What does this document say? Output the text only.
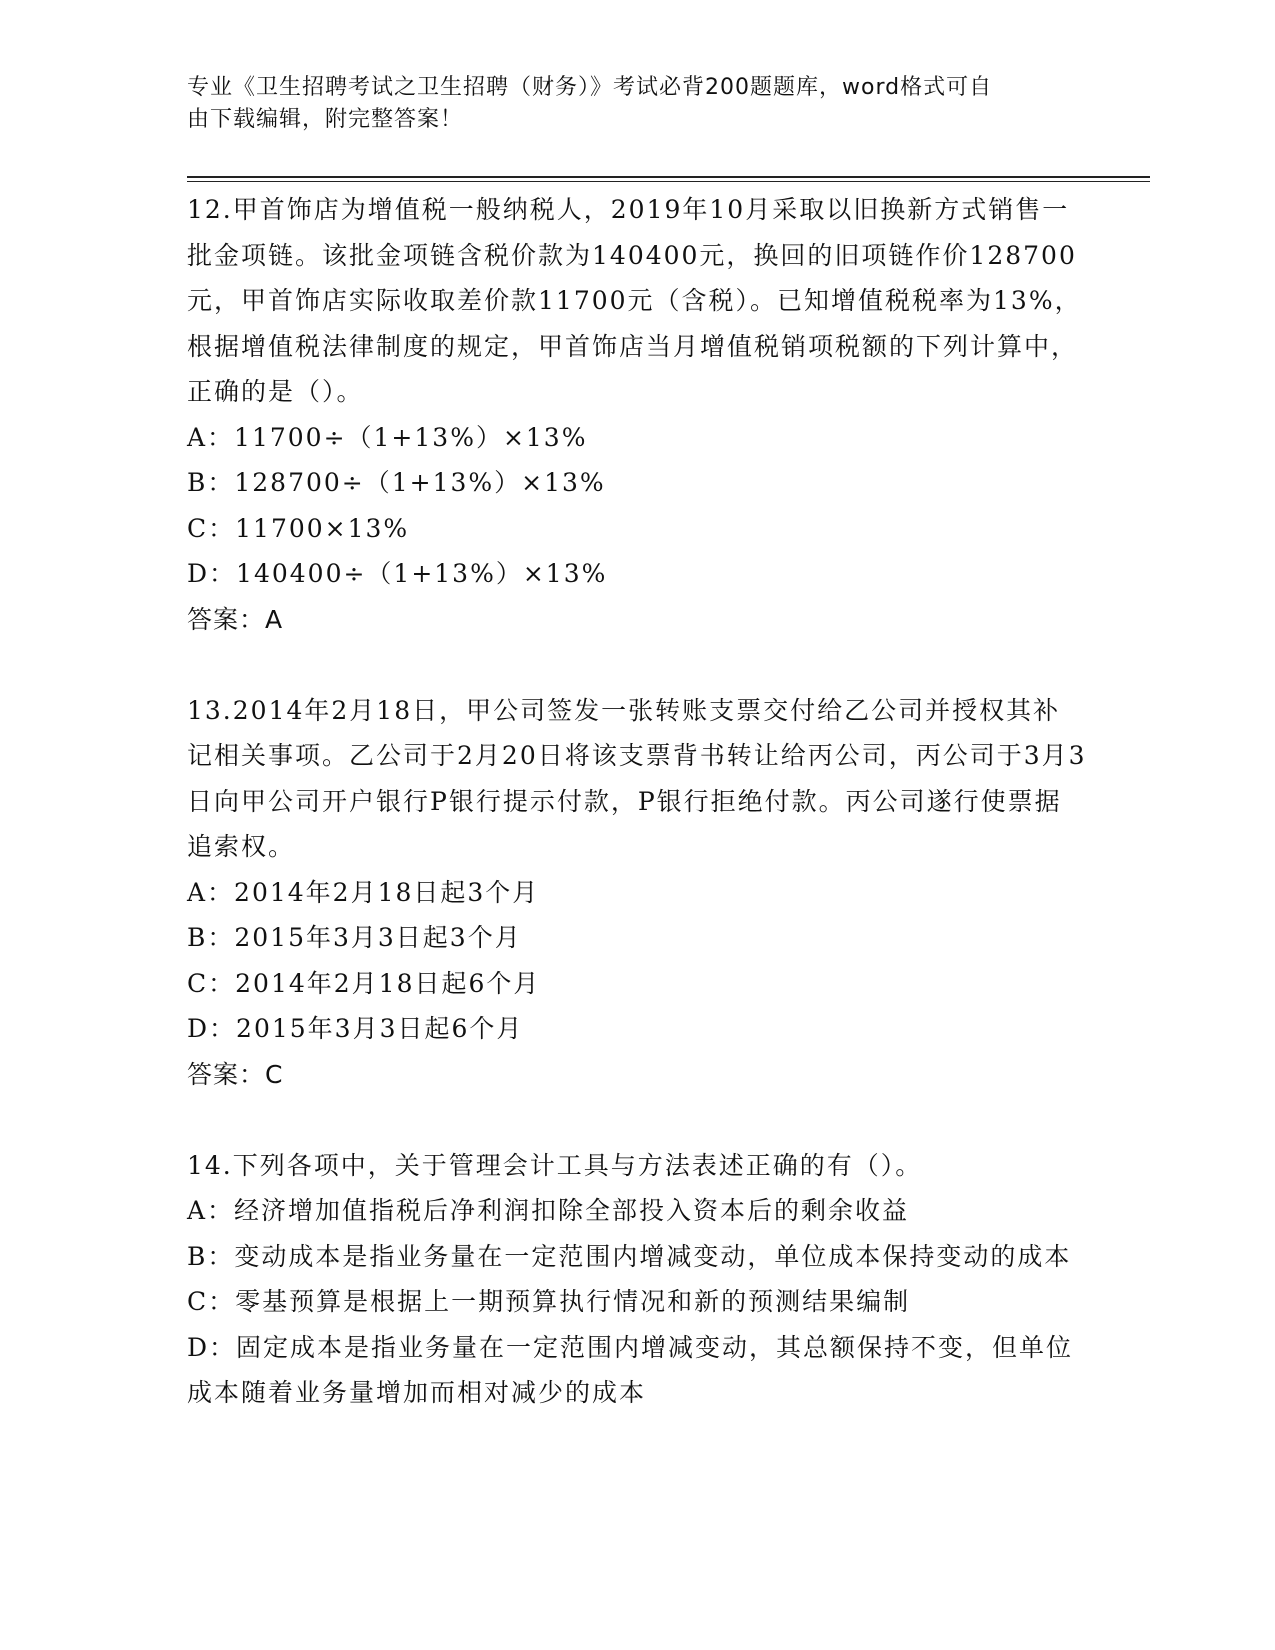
专业《卫生招聘考试之卫生招聘（财务）》考试必背200题题库，word格式可自
由下载编辑，附完整答案！

12.甲首饰店为增值税一般纳税人，2019年10月采取以旧换新方式销售一批金项链。该批金项链含税价款为140400元，换回的旧项链作价128700元，甲首饰店实际收取差价款11700元（含税）。已知增值税税率为13%，根据增值税法律制度的规定，甲首饰店当月增值税销项税额的下列计算中，正确的是（）。

A：11700÷（1+13%）×13%

B：128700÷（1+13%）×13%

C：11700×13%

D：140400÷（1+13%）×13%

答案：A

13.2014年2月18日，甲公司签发一张转账支票交付给乙公司并授权其补记相关事项。乙公司于2月20日将该支票背书转让给丙公司，丙公司于3月3日向甲公司开户银行P银行提示付款，P银行拒绝付款。丙公司遂行使票据追索权。

A：2014年2月18日起3个月

B：2015年3月3日起3个月

C：2014年2月18日起6个月

D：2015年3月3日起6个月

答案：C

14.下列各项中，关于管理会计工具与方法表述正确的有（）。

A：经济增加值指税后净利润扣除全部投入资本后的剩余收益

B：变动成本是指业务量在一定范围内增减变动，单位成本保持变动的成本

C：零基预算是根据上一期预算执行情况和新的预测结果编制

D：固定成本是指业务量在一定范围内增减变动，其总额保持不变，但单位成本随着业务量增加而相对减少的成本
